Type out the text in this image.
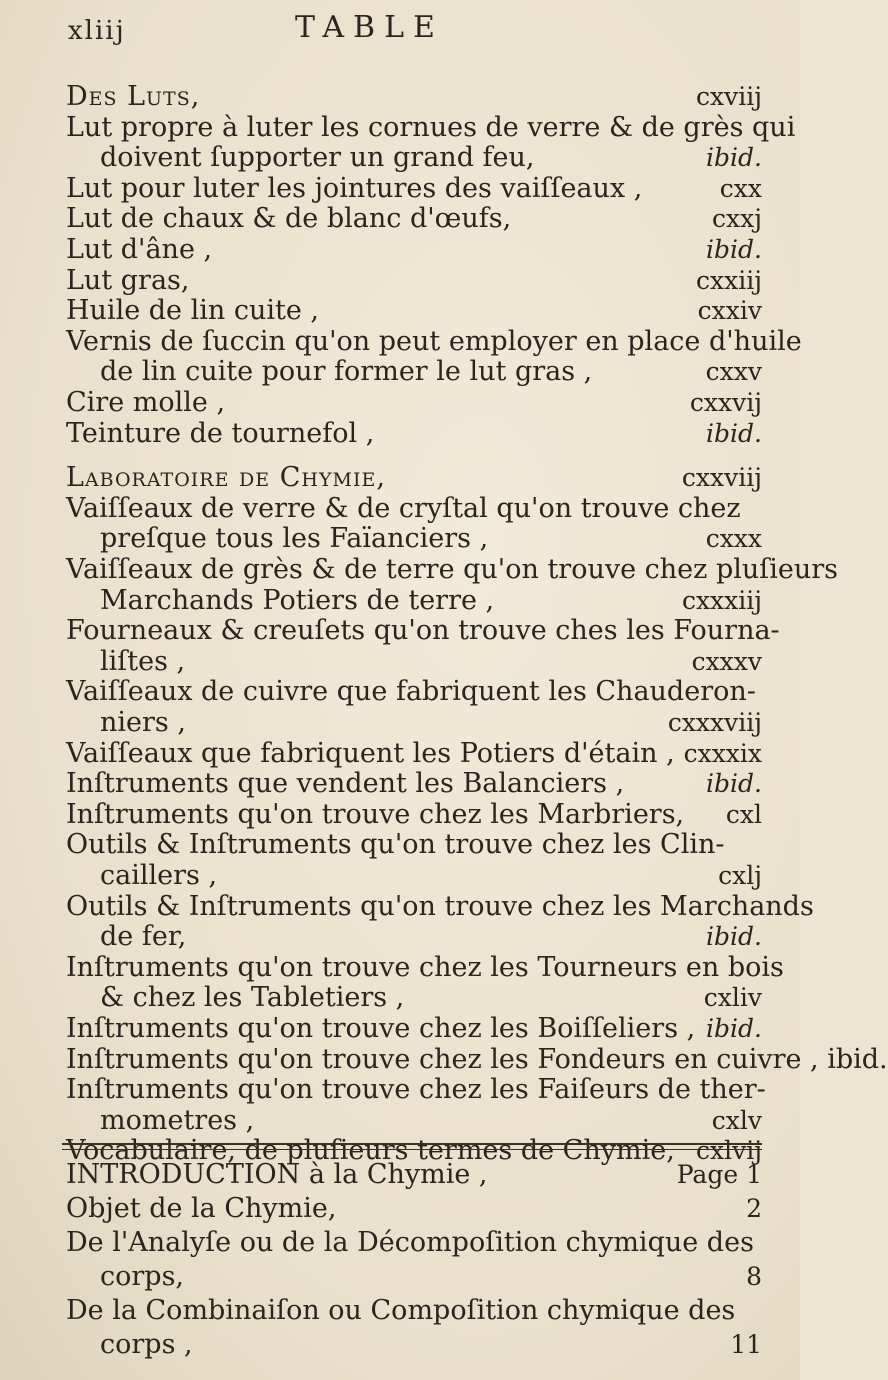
xliij	TABLE
Des Luts,	cxviij
Lut propre à luter les cornues de verre & de grès qui
doivent ſupporter un grand feu,	ibid.
Lut pour luter les jointures des vaiſſeaux ,	cxx
Lut de chaux & de blanc d'œufs,	cxxj
Lut d'âne ,	ibid.
Lut gras,	cxxiij
Huile de lin cuite ,	cxxiv
Vernis de ſuccin qu'on peut employer en place d'huile
de lin cuite pour former le lut gras ,	cxxv
Cire molle ,	cxxvij
Teinture de tournefol ,	ibid.
Laboratoire de Chymie,	cxxviij
Vaiſſeaux de verre & de cryſtal qu'on trouve chez
preſque tous les Faïanciers ,	cxxx
Vaiſſeaux de grès & de terre qu'on trouve chez pluſieurs
Marchands Potiers de terre ,	cxxxiij
Fourneaux & creuſets qu'on trouve ches les Fourna-
liſtes ,	cxxxv
Vaiſſeaux de cuivre que fabriquent les Chauderon-
niers ,	cxxxviij
Vaiſſeaux que fabriquent les Potiers d'étain , cxxxix
Inſtruments que vendent les Balanciers ,	ibid.
Inſtruments qu'on trouve chez les Marbriers, cxl
Outils & Inſtruments qu'on trouve chez les Clin-
caillers ,	cxlj
Outils & Inſtruments qu'on trouve chez les Marchands
de fer,	ibid.
Inſtruments qu'on trouve chez les Tourneurs en bois
& chez les Tabletiers ,	cxliv
Inſtruments qu'on trouve chez les Boiſſeliers , ibid.
Inſtruments qu'on trouve chez les Fondeurs en cuivre , ibid.
Inſtruments qu'on trouve chez les Faiſeurs de ther-
mometres ,	cxlv
Vocabulaire, de pluſieurs termes de Chymie, cxlvij
INTRODUCTION à la Chymie ,	Page 1
Objet de la Chymie,	2
De l'Analyſe ou de la Décompoſition chymique des
corps,	8
De la Combinaiſon ou Compoſition chymique des
corps ,	11
